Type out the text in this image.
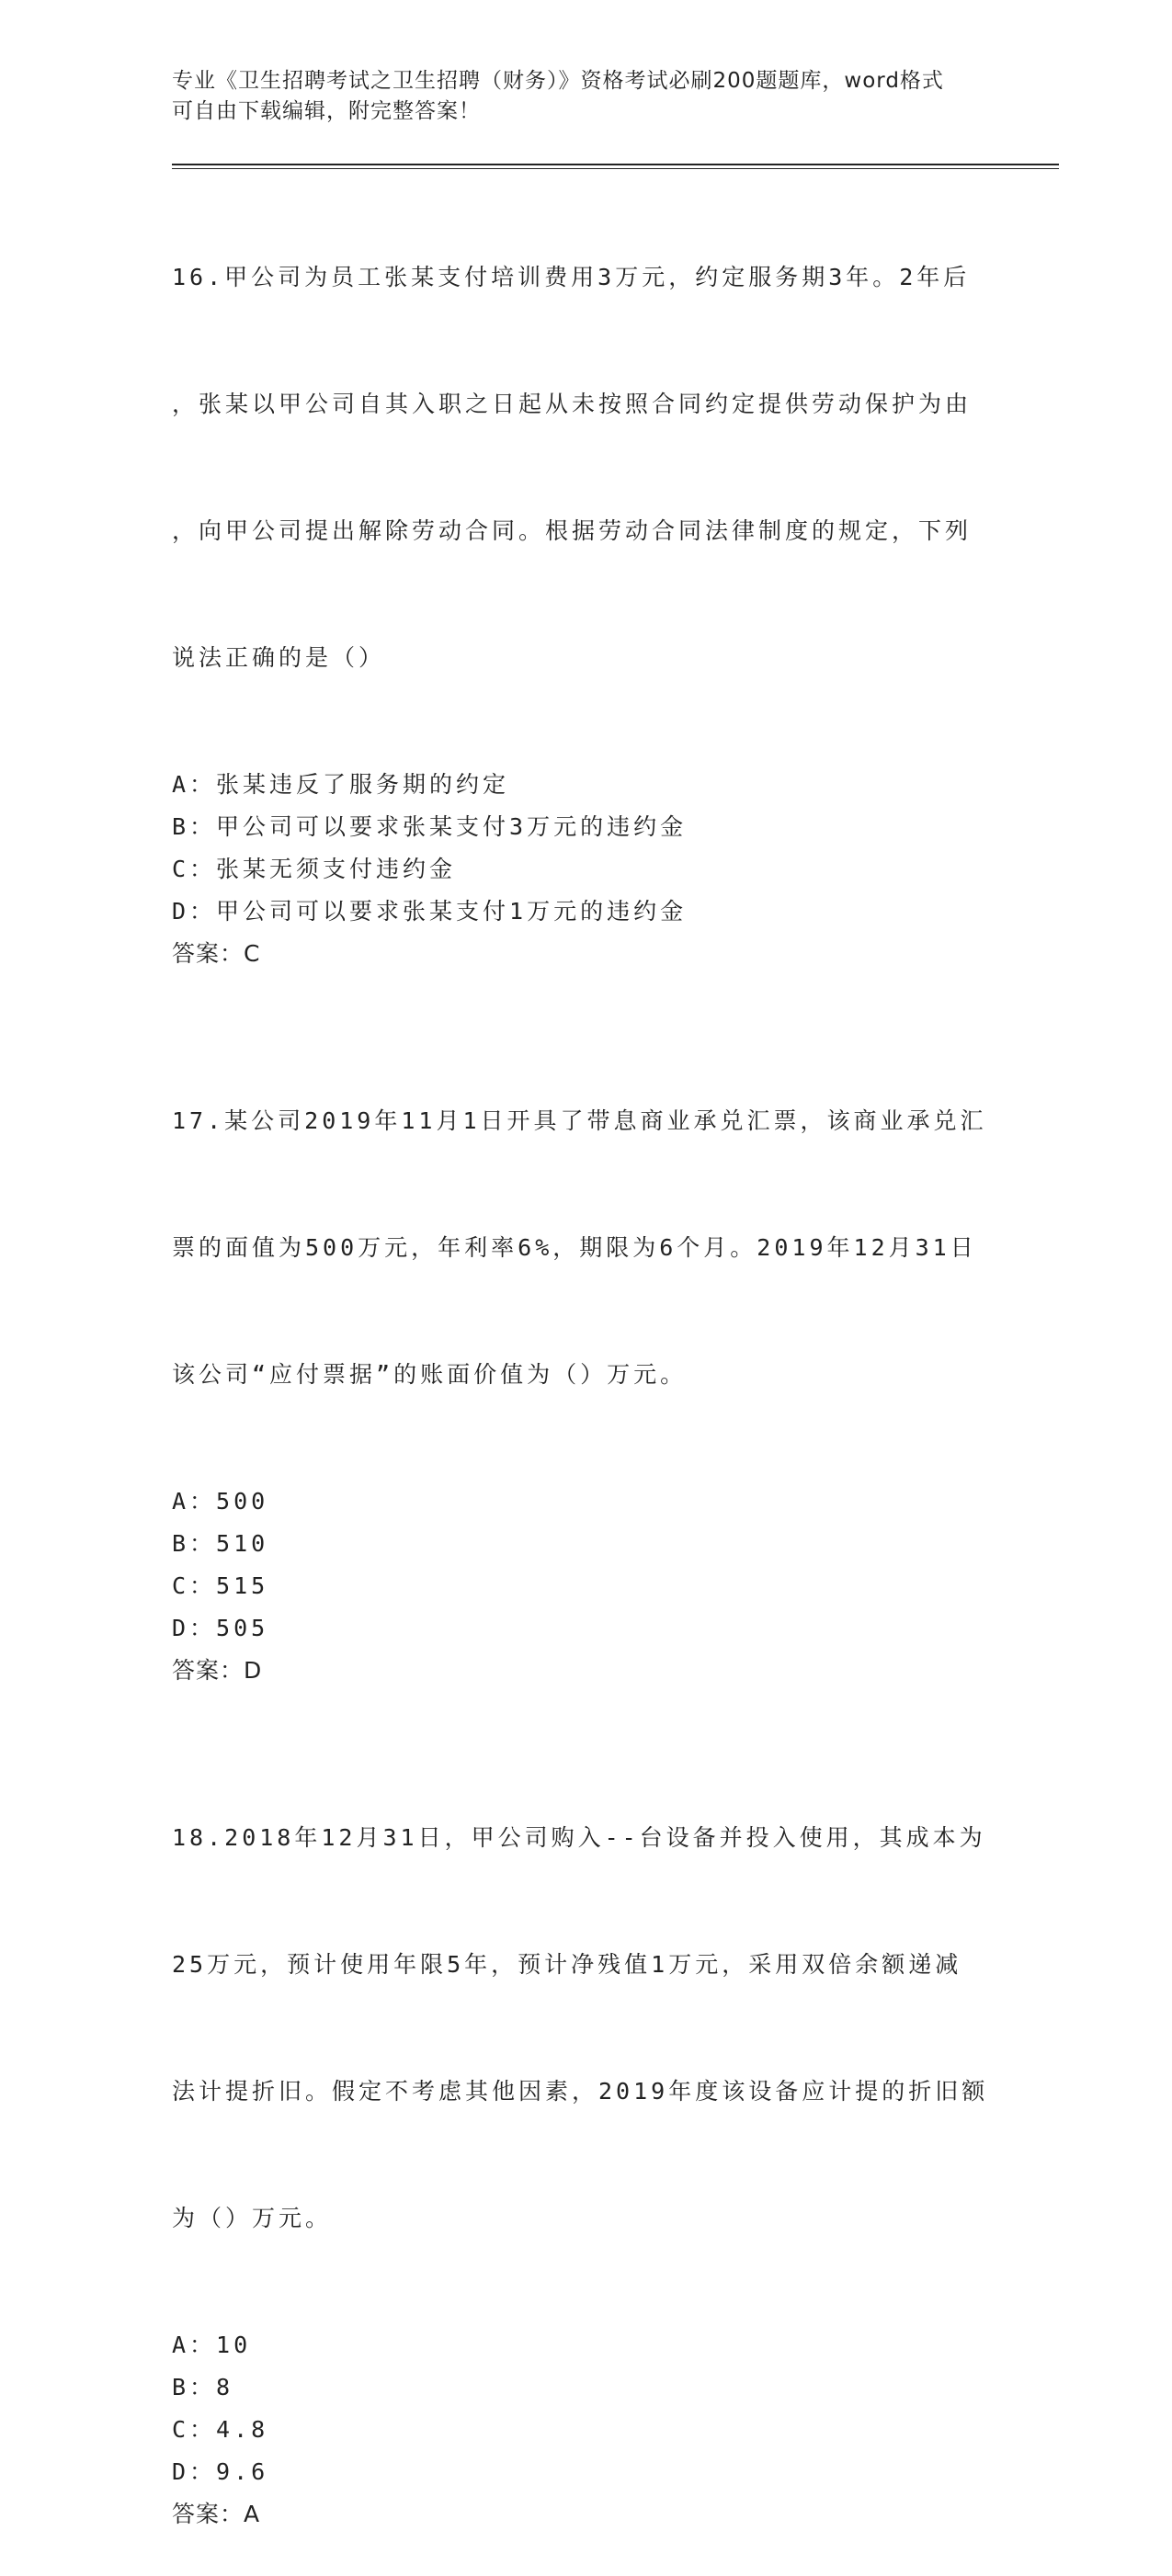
专业《卫生招聘考试之卫生招聘（财务）》资格考试必刷200题题库，word格式
可自由下载编辑，附完整答案！

16.甲公司为员工张某支付培训费用3万元，约定服务期3年。2年后

，张某以甲公司自其入职之日起从未按照合同约定提供劳动保护为由

，向甲公司提出解除劳动合同。根据劳动合同法律制度的规定，下列

说法正确的是（）

A：张某违反了服务期的约定
B：甲公司可以要求张某支付3万元的违约金
C：张某无须支付违约金
D：甲公司可以要求张某支付1万元的违约金
答案：C

17.某公司2019年11月1日开具了带息商业承兑汇票，该商业承兑汇

票的面值为500万元，年利率6%，期限为6个月。2019年12月31日

该公司“应付票据”的账面价值为（）万元。

A：500
B：510
C：515
D：505
答案：D

18.2018年12月31日，甲公司购入--台设备并投入使用，其成本为

25万元，预计使用年限5年，预计净残值1万元，采用双倍余额递减

法计提折旧。假定不考虑其他因素，2019年度该设备应计提的折旧额

为（）万元。

A：10
B：8
C：4.8
D：9.6
答案：A
